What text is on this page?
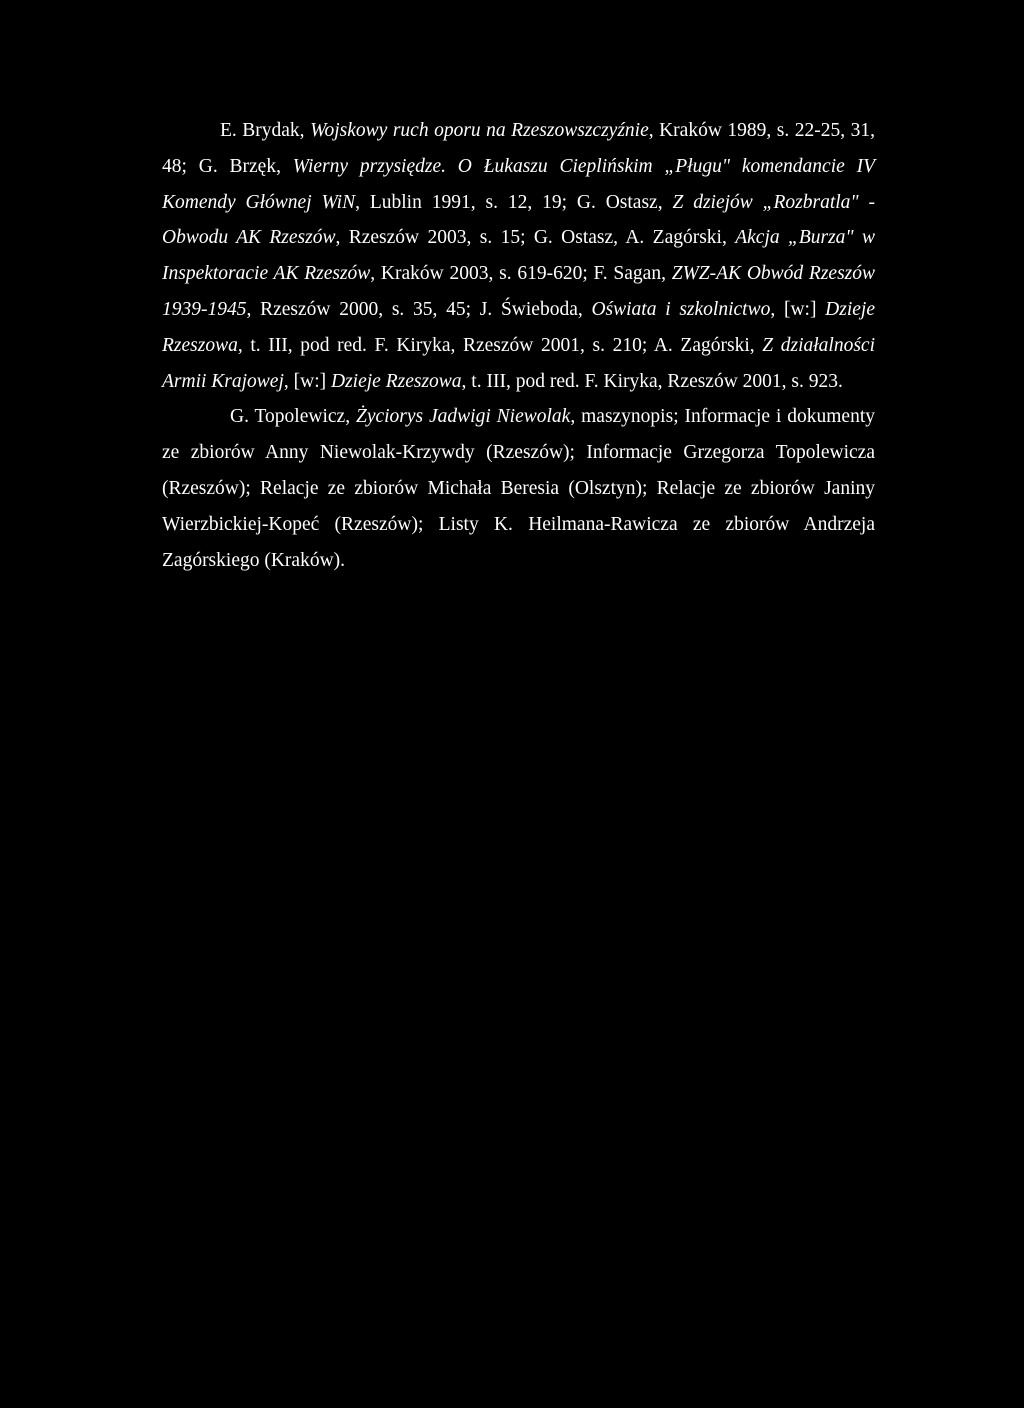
E. Brydak, Wojskowy ruch oporu na Rzeszowszczyźnie, Kraków 1989, s. 22-25, 31, 48; G. Brzęk, Wierny przysiędze. O Łukaszu Cieplińskim „Pługu" komendancie IV Komendy Głównej WiN, Lublin 1991, s. 12, 19; G. Ostasz, Z dziejów „Rozbratla" - Obwodu AK Rzeszów, Rzeszów 2003, s. 15; G. Ostasz, A. Zagórski, Akcja „Burza" w Inspektoracie AK Rzeszów, Kraków 2003, s. 619-620; F. Sagan, ZWZ-AK Obwód Rzeszów 1939-1945, Rzeszów 2000, s. 35, 45; J. Świeboda, Oświata i szkolnictwo, [w:] Dzieje Rzeszowa, t. III, pod red. F. Kiryka, Rzeszów 2001, s. 210; A. Zagórski, Z działalności Armii Krajowej, [w:] Dzieje Rzeszowa, t. III, pod red. F. Kiryka, Rzeszów 2001, s. 923.

G. Topolewicz, Życiorys Jadwigi Niewolak, maszynopis; Informacje i dokumenty ze zbiorów Anny Niewolak-Krzywdy (Rzeszów); Informacje Grzegorza Topolewicza (Rzeszów); Relacje ze zbiorów Michała Beresia (Olsztyn); Relacje ze zbiorów Janiny Wierzbickiej-Kopeć (Rzeszów); Listy K. Heilmana-Rawicza ze zbiorów Andrzeja Zagórskiego (Kraków).
